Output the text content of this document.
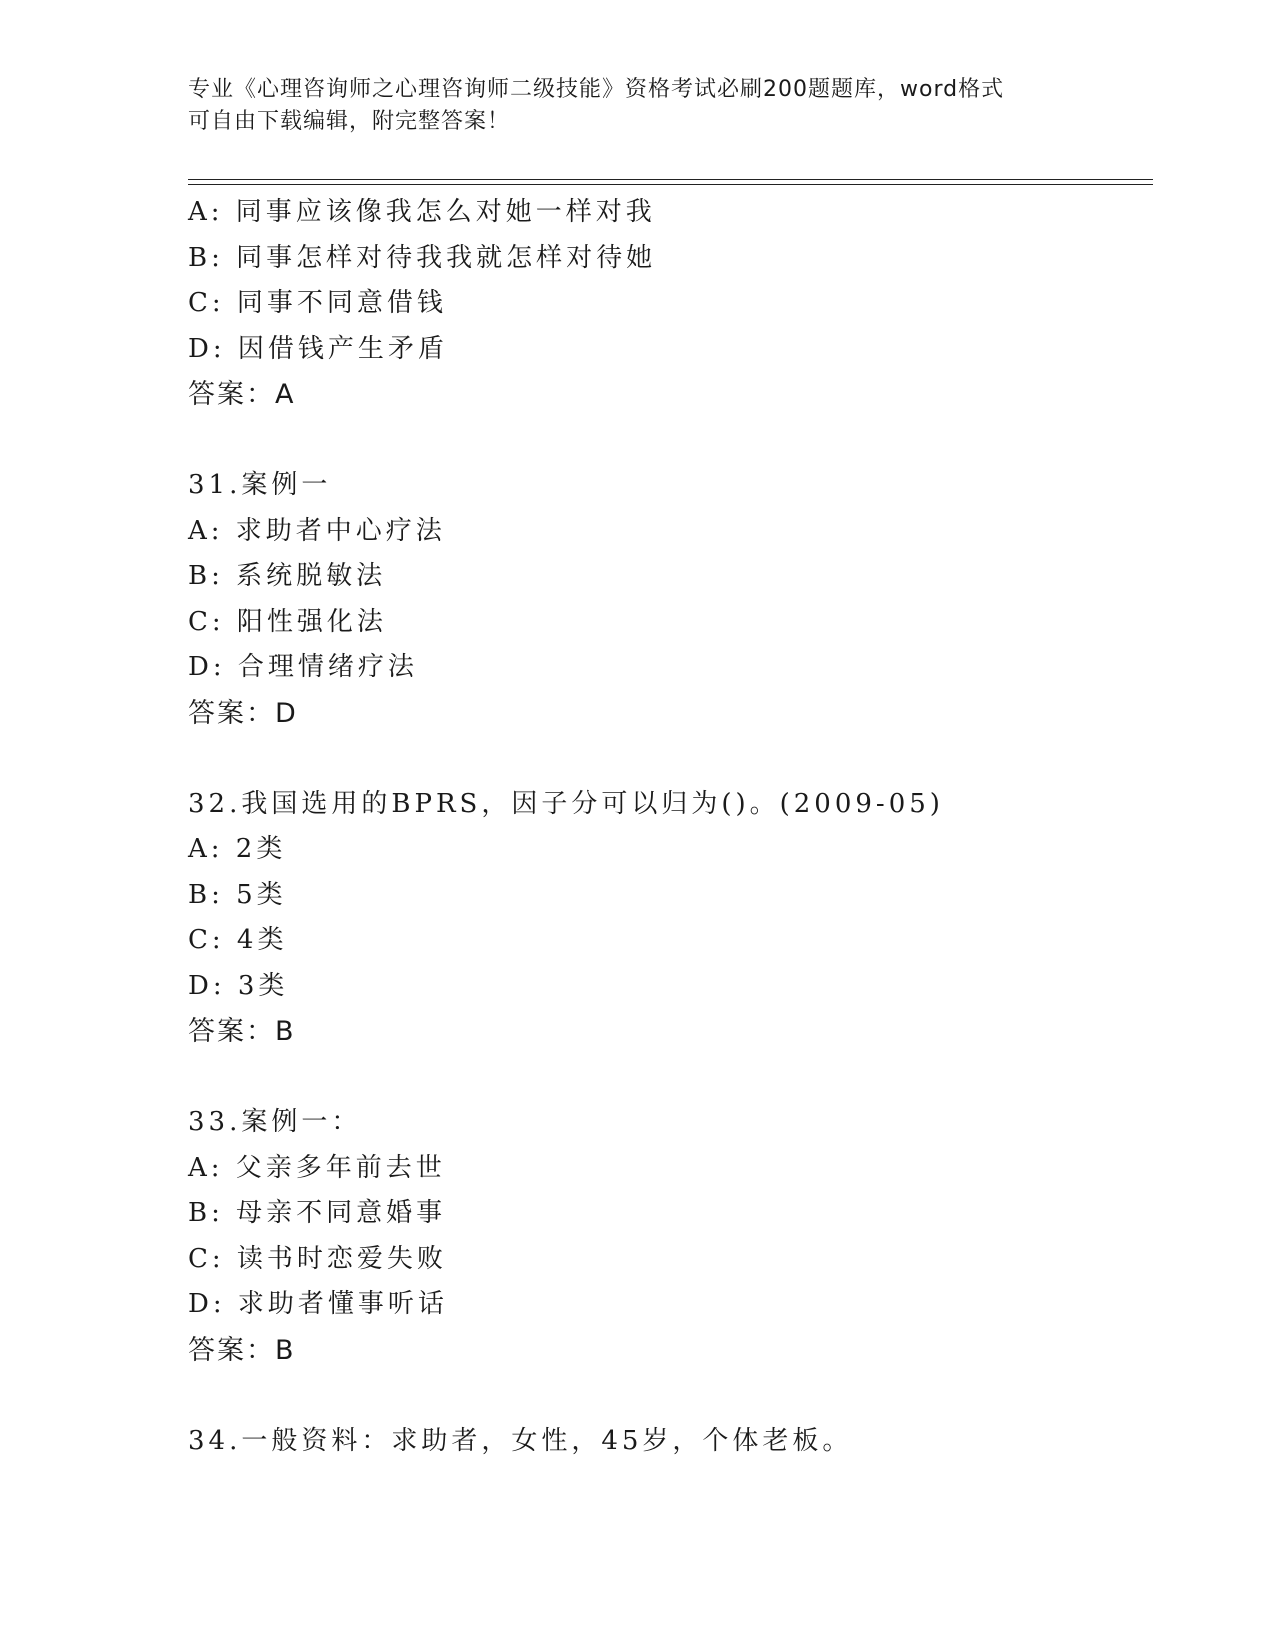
专业《心理咨询师之心理咨询师二级技能》资格考试必刷200题题库，word格式
可自由下载编辑，附完整答案！
A: 同事应该像我怎么对她一样对我
B: 同事怎样对待我我就怎样对待她
C: 同事不同意借钱
D: 因借钱产生矛盾
答案：A
31.案例一
A: 求助者中心疗法
B: 系统脱敏法
C: 阳性强化法
D: 合理情绪疗法
答案：D
32.我国选用的BPRS，因子分可以归为()。(2009-05)
A: 2类
B: 5类
C: 4类
D: 3类
答案：B
33.案例一：
A: 父亲多年前去世
B: 母亲不同意婚事
C: 读书时恋爱失败
D: 求助者懂事听话
答案：B
34.一般资料：求助者，女性，45岁，个体老板。
